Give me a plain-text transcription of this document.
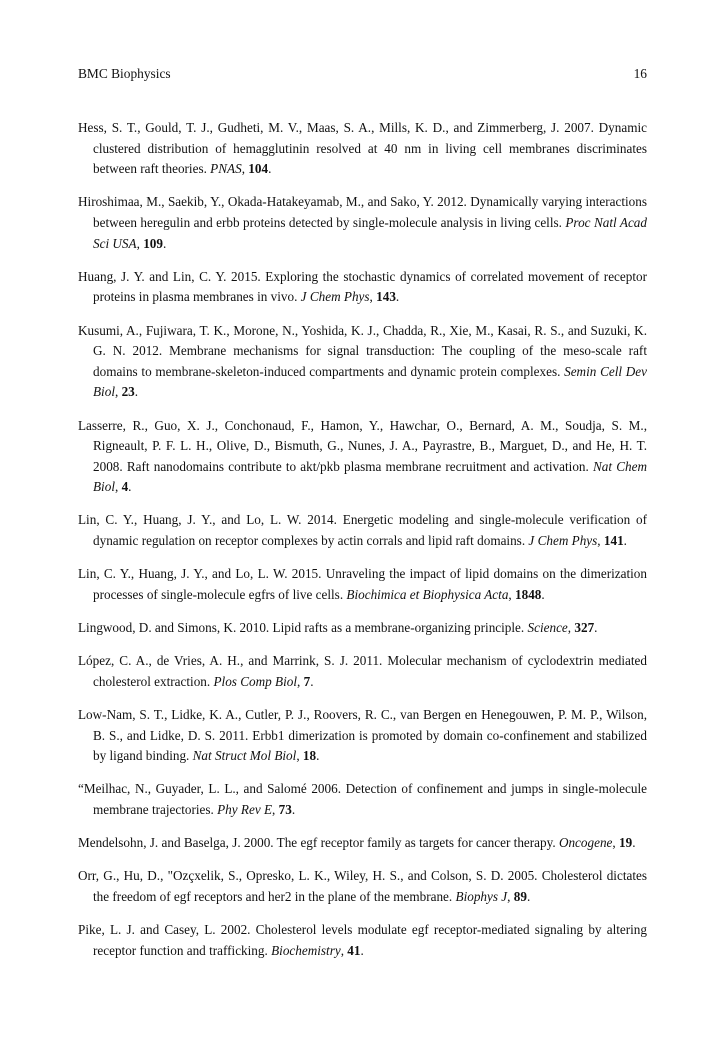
BMC Biophysics	16
Hess, S. T., Gould, T. J., Gudheti, M. V., Maas, S. A., Mills, K. D., and Zimmerberg, J. 2007. Dynamic clustered distribution of hemagglutinin resolved at 40 nm in living cell membranes discriminates between raft theories. PNAS, 104.
Hiroshimaa, M., Saekib, Y., Okada-Hatakeyamab, M., and Sako, Y. 2012. Dynamically varying interactions between heregulin and erbb proteins detected by single-molecule analysis in living cells. Proc Natl Acad Sci USA, 109.
Huang, J. Y. and Lin, C. Y. 2015. Exploring the stochastic dynamics of correlated movement of receptor proteins in plasma membranes in vivo. J Chem Phys, 143.
Kusumi, A., Fujiwara, T. K., Morone, N., Yoshida, K. J., Chadda, R., Xie, M., Kasai, R. S., and Suzuki, K. G. N. 2012. Membrane mechanisms for signal transduction: The coupling of the meso-scale raft domains to membrane-skeleton-induced compartments and dynamic protein complexes. Semin Cell Dev Biol, 23.
Lasserre, R., Guo, X. J., Conchonaud, F., Hamon, Y., Hawchar, O., Bernard, A. M., Soudja, S. M., Rigneault, P. F. L. H., Olive, D., Bismuth, G., Nunes, J. A., Payrastre, B., Marguet, D., and He, H. T. 2008. Raft nanodomains contribute to akt/pkb plasma membrane recruitment and activation. Nat Chem Biol, 4.
Lin, C. Y., Huang, J. Y., and Lo, L. W. 2014. Energetic modeling and single-molecule verification of dynamic regulation on receptor complexes by actin corrals and lipid raft domains. J Chem Phys, 141.
Lin, C. Y., Huang, J. Y., and Lo, L. W. 2015. Unraveling the impact of lipid domains on the dimerization processes of single-molecule egfrs of live cells. Biochimica et Biophysica Acta, 1848.
Lingwood, D. and Simons, K. 2010. Lipid rafts as a membrane-organizing principle. Science, 327.
López, C. A., de Vries, A. H., and Marrink, S. J. 2011. Molecular mechanism of cyclodextrin mediated cholesterol extraction. Plos Comp Biol, 7.
Low-Nam, S. T., Lidke, K. A., Cutler, P. J., Roovers, R. C., van Bergen en Henegouwen, P. M. P., Wilson, B. S., and Lidke, D. S. 2011. Erbb1 dimerization is promoted by domain co-confinement and stabilized by ligand binding. Nat Struct Mol Biol, 18.
“Meilhac, N., Guyader, L. L., and Salomé 2006. Detection of confinement and jumps in single-molecule membrane trajectories. Phy Rev E, 73.
Mendelsohn, J. and Baselga, J. 2000. The egf receptor family as targets for cancer therapy. Oncogene, 19.
Orr, G., Hu, D., "Ozçxelik, S., Opresko, L. K., Wiley, H. S., and Colson, S. D. 2005. Cholesterol dictates the freedom of egf receptors and her2 in the plane of the membrane. Biophys J, 89.
Pike, L. J. and Casey, L. 2002. Cholesterol levels modulate egf receptor-mediated signaling by altering receptor function and trafficking. Biochemistry, 41.
